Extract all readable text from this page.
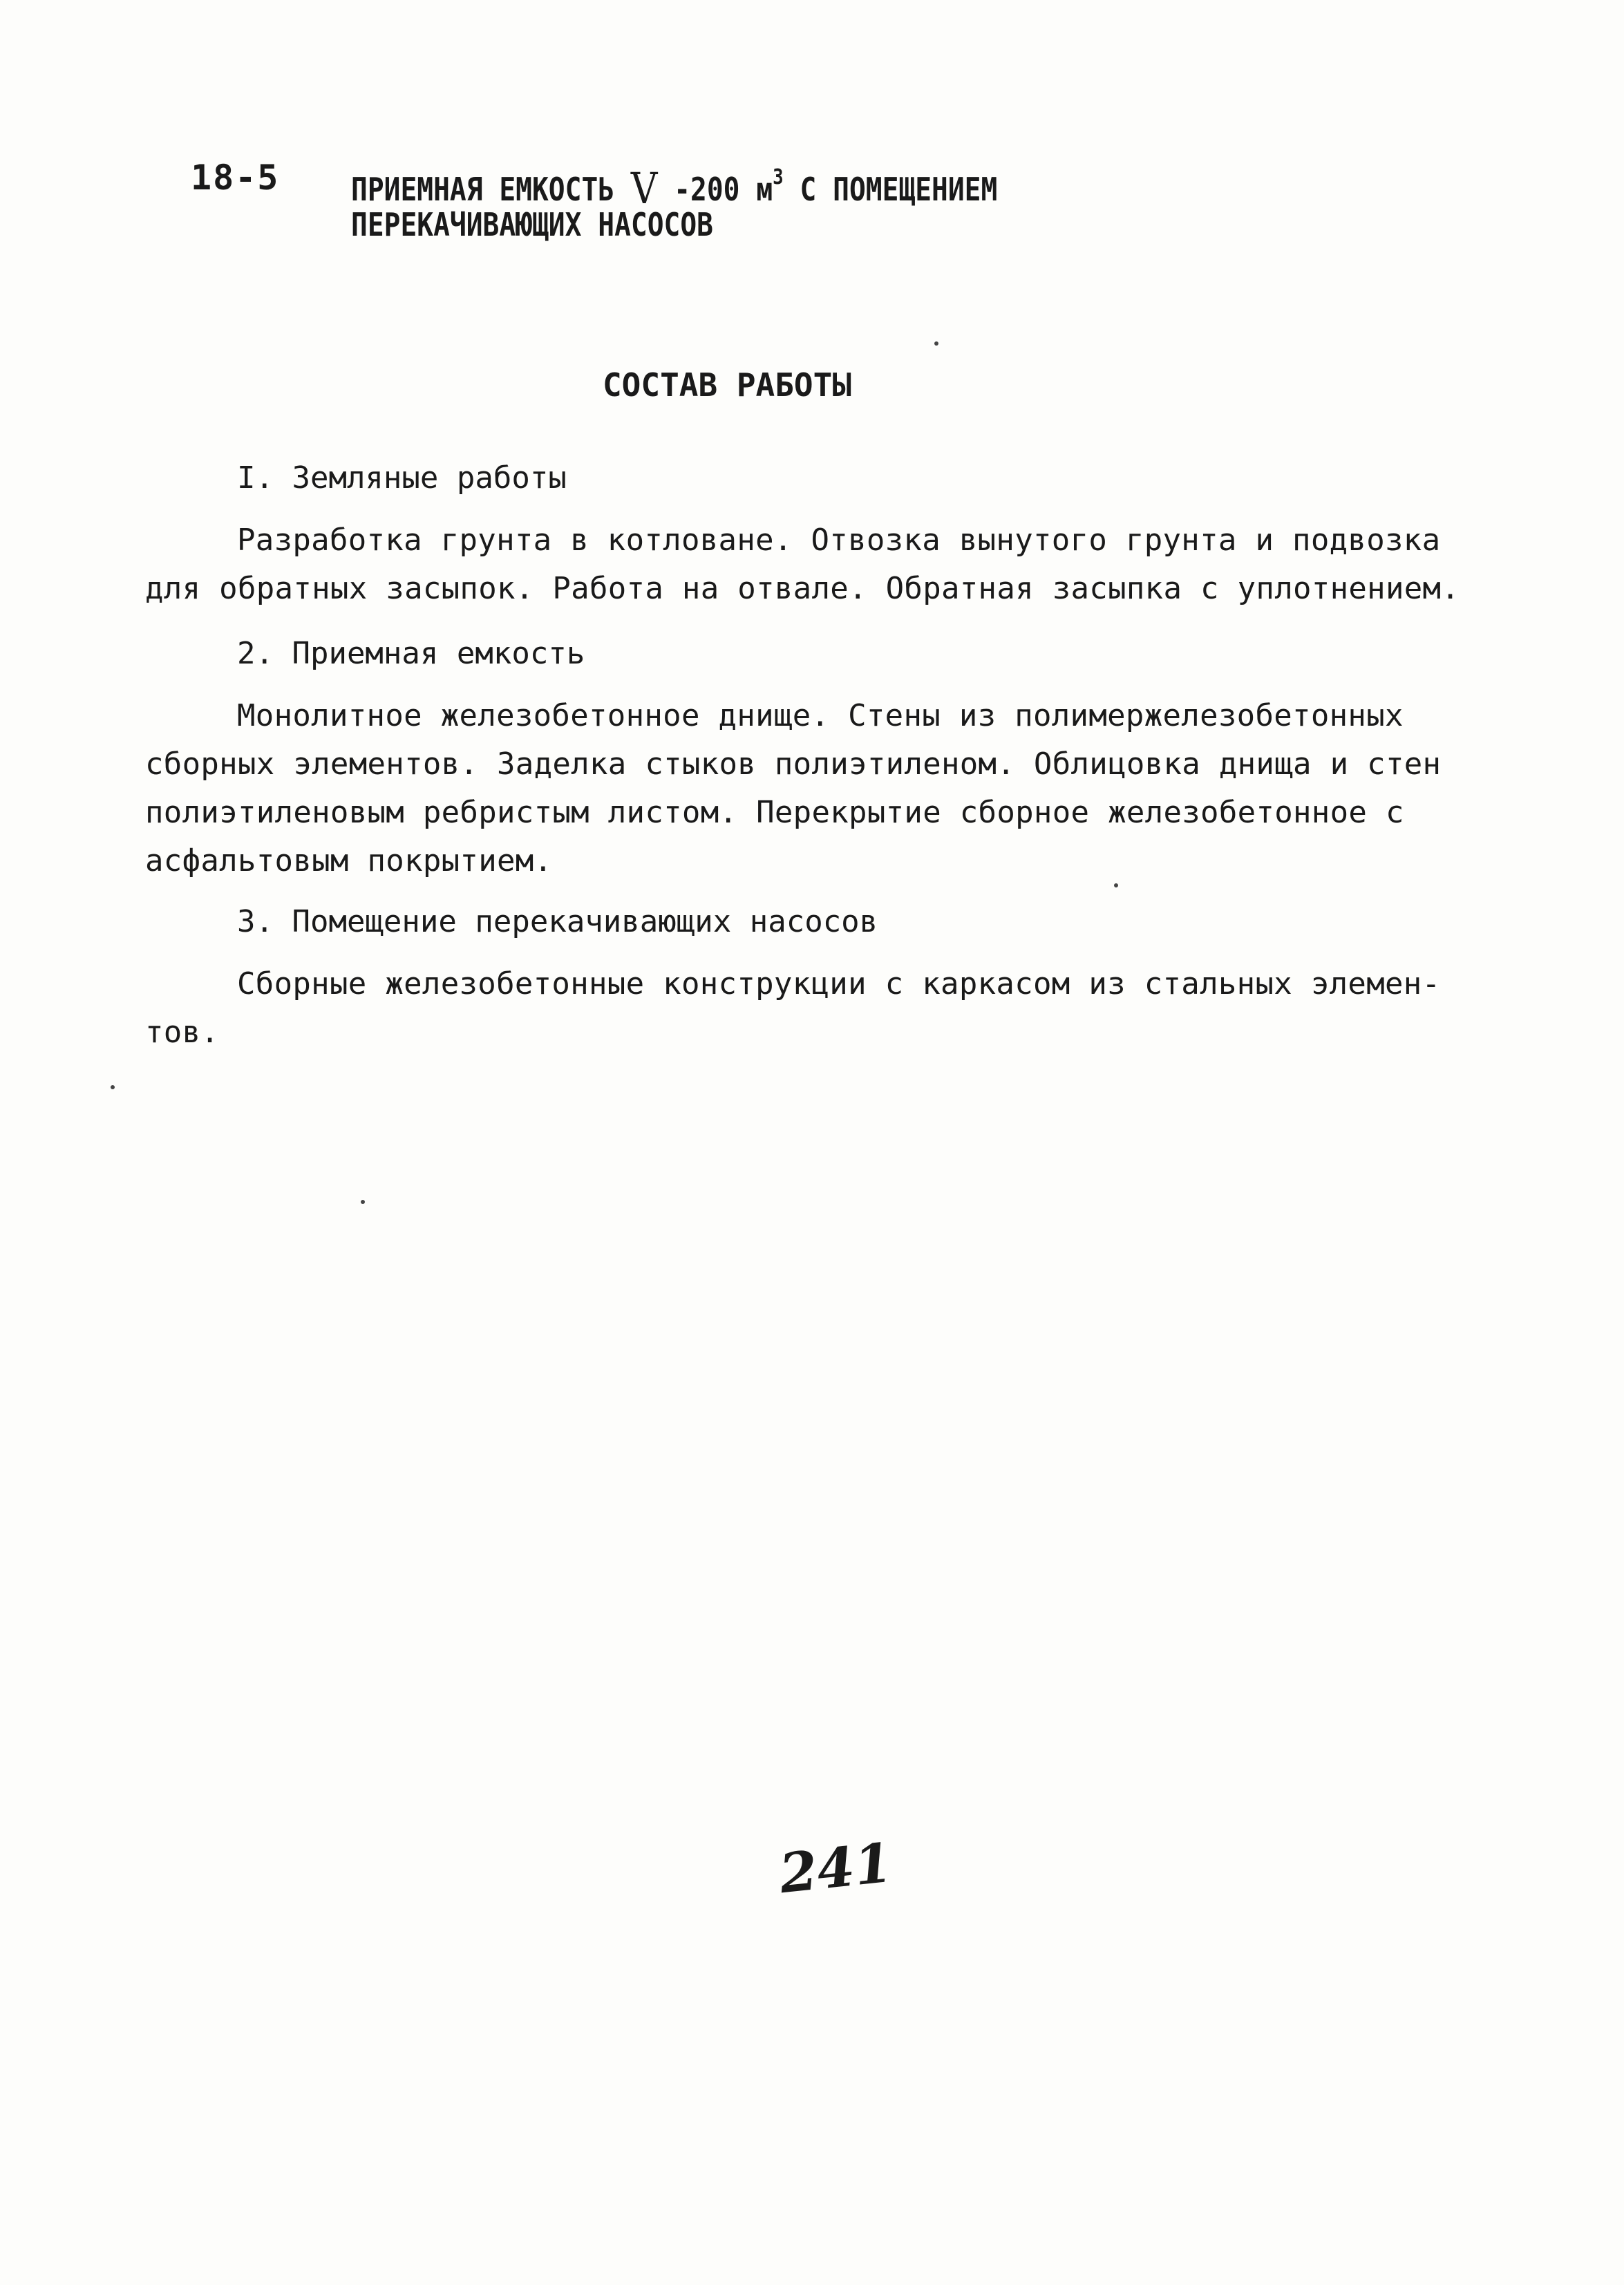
18-5 ПРИЕМНАЯ ЕМКОСТЬ V -200 $м^3$ С ПОМЕЩЕНИЕМ
ПЕРЕКАЧИВАЮЩИХ НАСОСОВ
СОСТАВ РАБОТЫ
I. Земляные работы
Разработка грунта в котловане. Отвозка вынутого грунта и подвозка
для обратных засыпок. Работа на отвале. Обратная засыпка с уплотнением.
2. Приемная емкость
Монолитное железобетонное днище. Стены из полимержелезобетонных
сборных элементов. Заделка стыков полиэтиленом. Облицовка днища и стен
полиэтиленовым ребристым листом. Перекрытие сборное железобетонное с
асфальтовым покрытием.
3. Помещение перекачивающих насосов
Сборные железобетонные конструкции с каркасом из стальных элемен-
тов.
241
